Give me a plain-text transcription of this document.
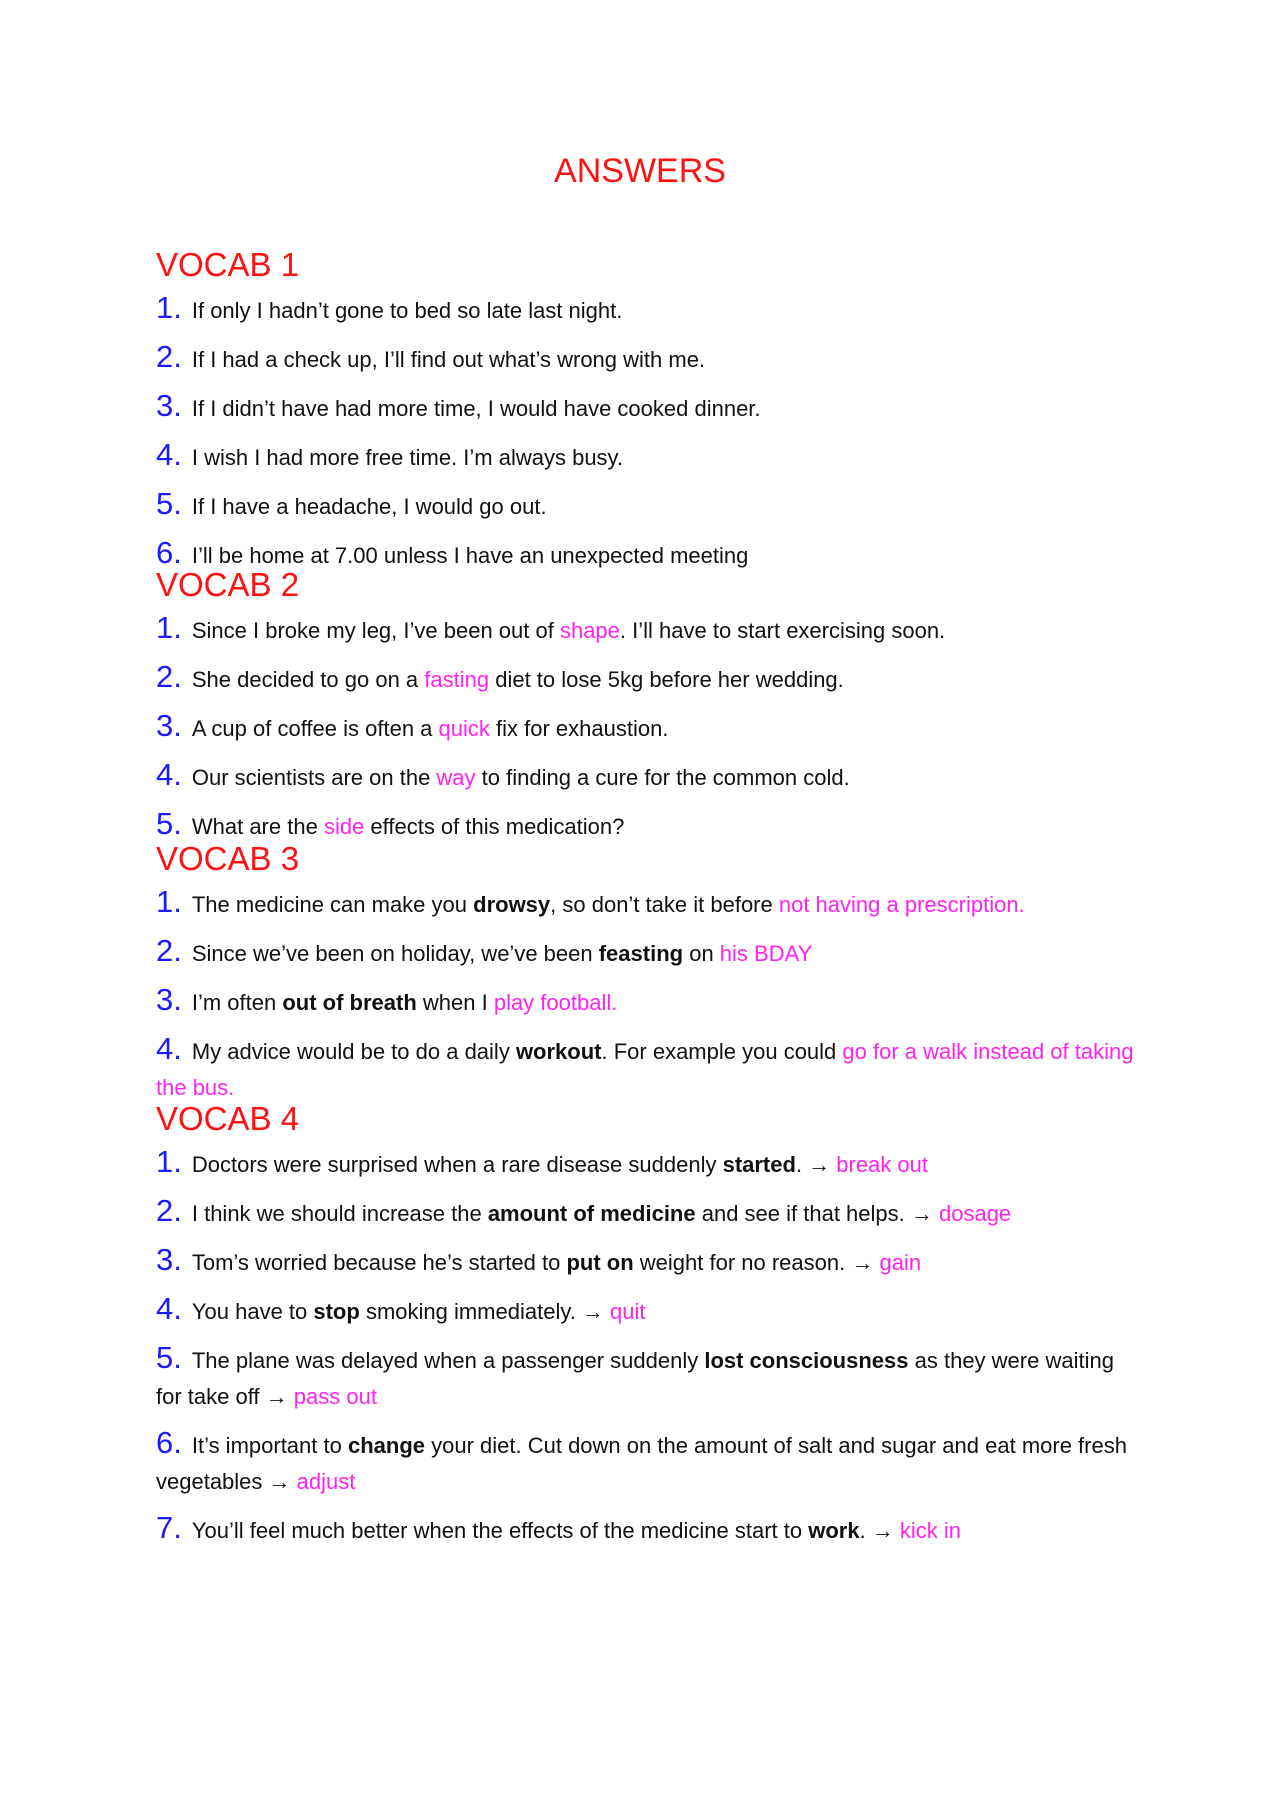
ANSWERS
VOCAB 1
1. If only I hadn’t gone to bed so late last night.
2. If I had a check up, I’ll find out what’s wrong with me.
3. If I didn’t have had more time, I would have cooked dinner.
4. I wish I had more free time. I’m always busy.
5. If I have a headache, I would go out.
6. I’ll be home at 7.00 unless I have an unexpected meeting
VOCAB 2
1. Since I broke my leg, I’ve been out of shape. I’ll have to start exercising soon.
2. She decided to go on a fasting diet to lose 5kg before her wedding.
3. A cup of coffee is often a quick fix for exhaustion.
4. Our scientists are on the way to finding a cure for the common cold.
5. What are the side effects of this medication?
VOCAB 3
1. The medicine can make you drowsy, so don’t take it before not having a prescription.
2. Since we’ve been on holiday, we’ve been feasting on his BDAY
3. I’m often out of breath when I play football.
4. My advice would be to do a daily workout. For example you could go for a walk instead of taking the bus.
VOCAB 4
1. Doctors were surprised when a rare disease suddenly started. → break out
2. I think we should increase the amount of medicine and see if that helps. → dosage
3. Tom’s worried because he’s started to put on weight for no reason. → gain
4. You have to stop smoking immediately. → quit
5. The plane was delayed when a passenger suddenly lost consciousness as they were waiting for take off → pass out
6. It’s important to change your diet. Cut down on the amount of salt and sugar and eat more fresh vegetables → adjust
7. You’ll feel much better when the effects of the medicine start to work. → kick in
